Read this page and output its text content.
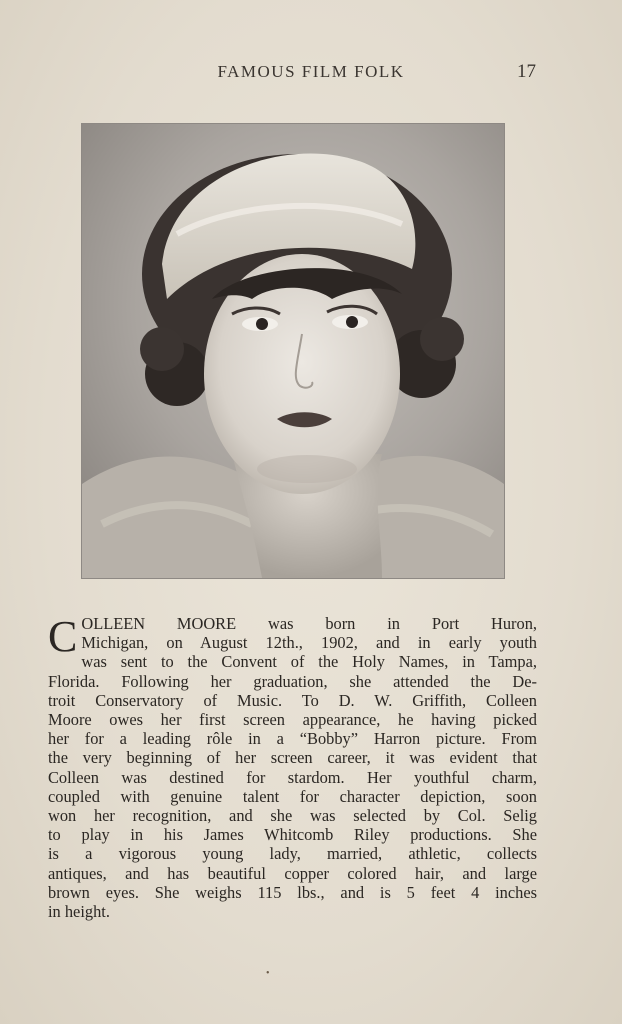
FAMOUS FILM FOLK	17
C OLLEEN MOORE was born in Port Huron,
Michigan, on August 12th., 1902, and in early youth
was sent to the Convent of the Holy Names, in Tampa,
Florida. Following her graduation, she attended the De-
troit Conservatory of Music. To D. W. Griffith, Colleen
Moore owes her first screen appearance, he having picked
her for a leading rôle in a “Bobby” Harron picture. From
the very beginning of her screen career, it was evident that
Colleen was destined for stardom. Her youthful charm,
coupled with genuine talent for character depiction, soon
won her recognition, and she was selected by Col. Selig
to play in his James Whitcomb Riley productions. She
is a vigorous young lady, married, athletic, collects
antiques, and has beautiful copper colored hair, and large
brown eyes. She weighs 115 lbs., and is 5 feet 4 inches
in height.
•
